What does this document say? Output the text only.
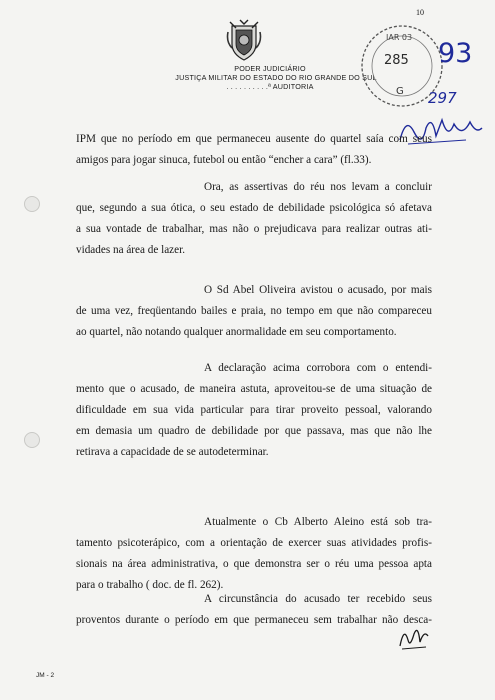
10
PODER JUDICIÁRIO
JUSTIÇA MILITAR DO ESTADO DO RIO GRANDE DO SUL
. . . . . . . . . .ª AUDITORIA
IAR 03
G
285 93
297
IPM que no período em que permaneceu ausente do quartel saía com seus
amigos para jogar sinuca, futebol ou então “encher a cara” (fl.33).
Ora, as assertivas do réu nos levam a concluir
que, segundo a sua ótica, o seu estado de debilidade psicológica só afetava
a sua vontade de trabalhar, mas não o prejudicava para realizar outras ati-
vidades na área de lazer.
O Sd Abel Oliveira avistou o acusado, por mais
de uma vez, freqüentando bailes e praia, no tempo em que não compareceu
ao quartel, não notando qualquer anormalidade em seu comportamento.
A declaração acima corrobora com o entendi-
mento que o acusado, de maneira astuta, aproveitou-se de uma situação de
dificuldade em sua vida particular para tirar proveito pessoal, valorando
em demasia um quadro de debilidade por que passava, mas que não lhe
retirava a capacidade de se autodeterminar.
Atualmente o Cb Alberto Aleino está sob tra-
tamento psicoterápico, com a orientação de exercer suas atividades profis-
sionais na área administrativa, o que demonstra ser o réu uma pessoa apta
para o trabalho ( doc. de fl. 262).
A circunstância do acusado ter recebido seus
proventos durante o período em que permaneceu sem trabalhar não desca-
JM - 2
